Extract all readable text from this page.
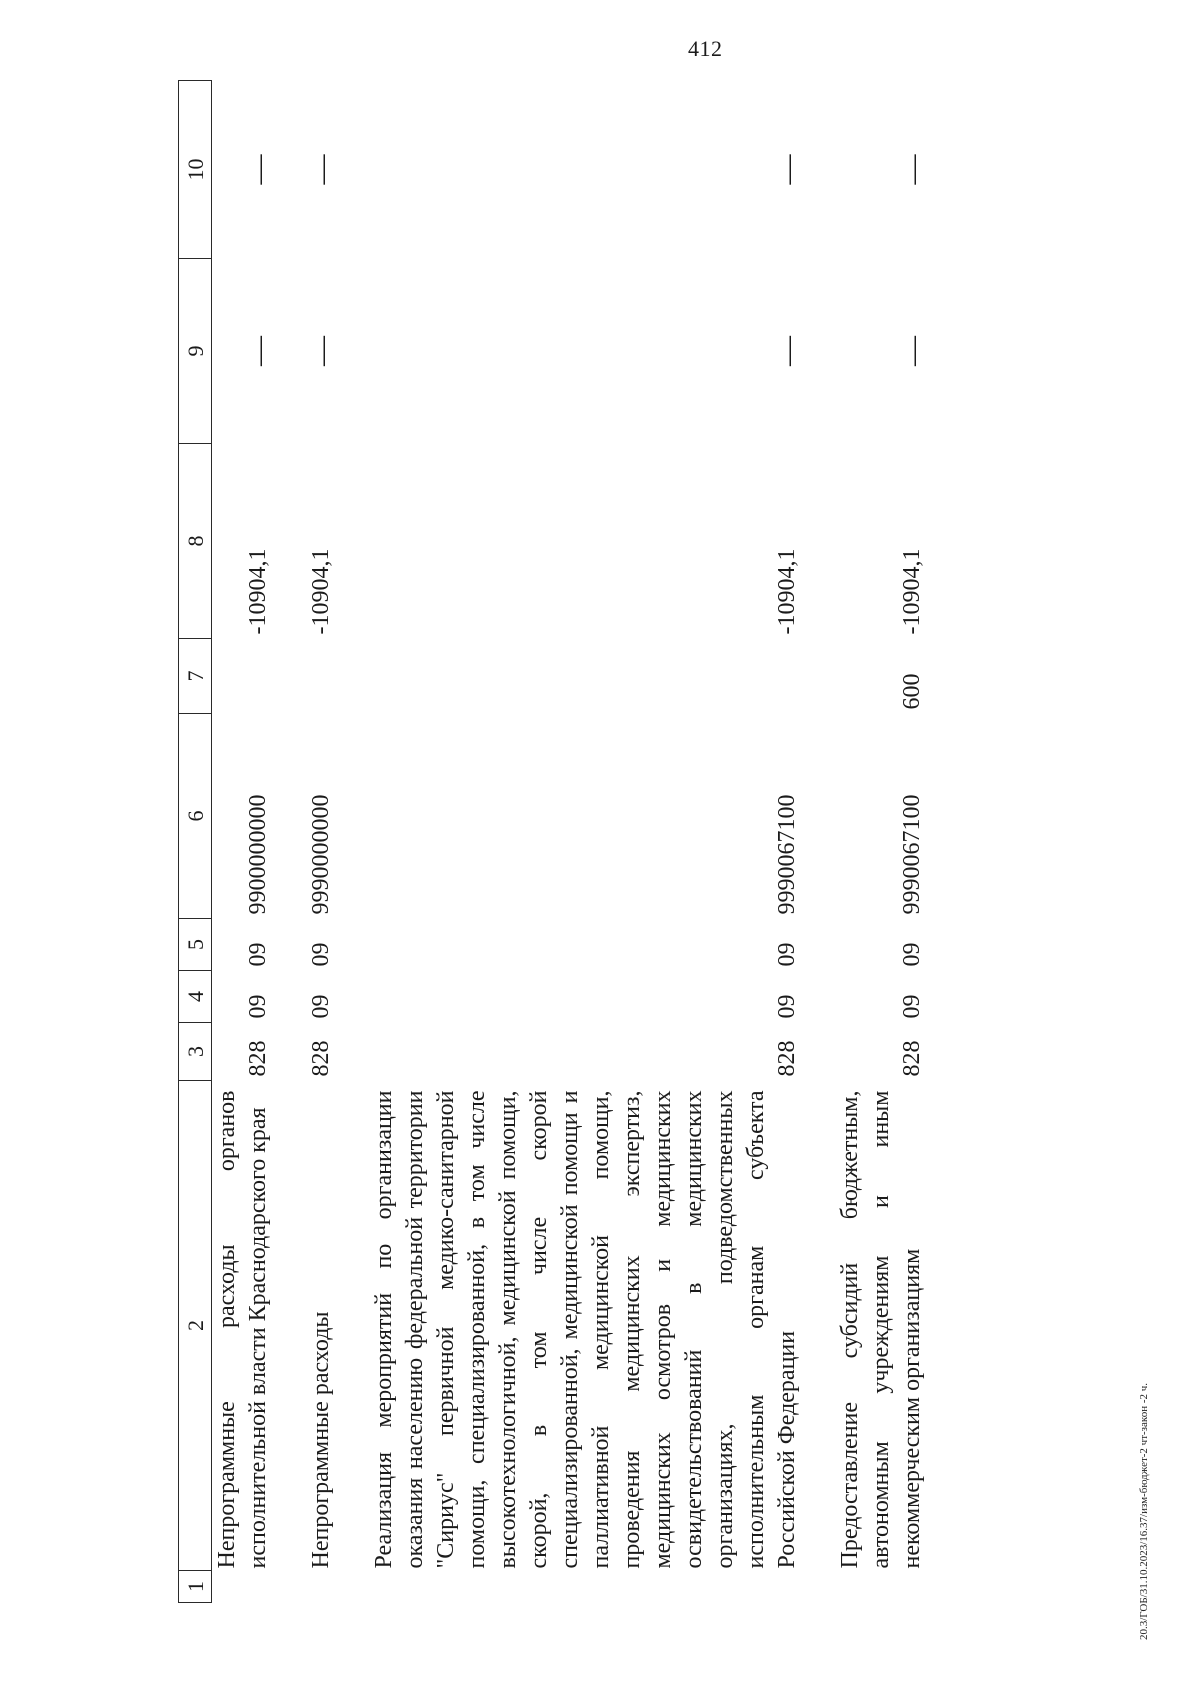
412
1	2	3	4	5	6	7	8	9	10
	Непрограммные расходы органов исполнительной власти Краснодарского края	828	09	09	9900000000		-10904,1	—	—
	Непрограммные расходы	828	09	09	9990000000		-10904,1	—	—
	Реализация мероприятий по организации оказания населению федеральной территории "Сириус" первичной медико-санитарной помощи, специализированной, в том числе высокотехнологичной, медицинской помощи, скорой, в том числе скорой специализированной, медицинской помощи и паллиативной медицинской помощи, проведения медицинских экспертиз, медицинских осмотров и медицинских освидетельствований в медицинских организациях, подведомственных исполнительным органам субъекта Российской Федерации	828	09	09	9990067100		-10904,1	—	—
	Предоставление субсидий бюджетным, автономным учреждениям и иным некоммерческим организациям	828	09	09	9990067100	600	-10904,1	—	—
20.3/ГОБ/31.10.2023/16.37/изм-бюджет-2 чт-закон -2 ч.
